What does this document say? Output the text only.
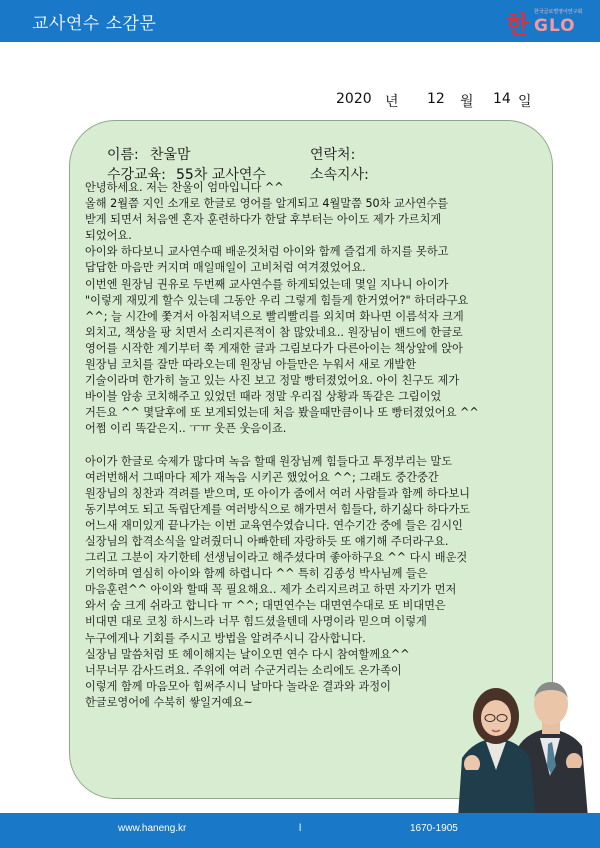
교사연수 소감문	한 한국글로벌영어연구회
GLO
2020 년 12 월 14 일
이름: 찬울맘	연락처:
수강교육: 55차 교사연수	소속지사:
안녕하세요. 저는 찬울이 엄마입니다 ^^
올해 2월쯤 지인 소개로 한글로 영어를 알게되고 4월말쯤 50차 교사연수를
받게 되면서 처음엔 혼자 훈련하다가 한달 후부터는 아이도 제가 가르치게
되었어요.
아이와 하다보니 교사연수때 배운것처럼 아이와 함께 즐겁게 하지를 못하고
답답한 마음만 커지며 매일매일이 고비처럼 여겨졌었어요.
이번엔 원장님 권유로 두번째 교사연수를 하게되었는데 몇일 지나니 아이가
"이렇게 재밌게 할수 있는데 그동안 우리 그렇게 힘들게 한거였어?" 하더라구요
^^; 늘 시간에 쫓겨서 아침저녁으로 빨리빨리를 외치며 화나면 이름석자 크게
외치고, 책상을 팡 치면서 소리지른적이 참 많았네요.. 원장님이 밴드에 한글로
영어를 시작한 계기부터 쭉 게재한 글과 그림보다가 다른아이는 책상앞에 앉아
원장님 코치를 잘만 따라오는데 원장님 아들만은 누워서 새로 개발한
기술이라며 한가히 놀고 있는 사진 보고 정말 빵터졌었어요. 아이 친구도 제가
바이블 암송 코치해주고 있었던 때라 정말 우리집 상황과 똑같은 그림이었
거든요 ^^ 몇달후에 또 보게되었는데 처음 봤을때만큼이나 또 빵터졌었어요 ^^
어쩜 이리 똑같은지.. ㅜㅠ 웃픈 웃음이죠.
아이가 한글로 숙제가 많다며 녹음 할때 원장님께 힘들다고 투정부리는 말도
여러번해서 그때마다 제가 재녹음 시키곤 했었어요 ^^; 그래도 중간중간
원장님의 칭찬과 격려를 받으며, 또 아이가 줌에서 여러 사람들과 함께 하다보니
동기부여도 되고 독립단계를 여러방식으로 해가면서 힘들다, 하기싫다 하다가도
어느새 재미있게 끝나가는 이번 교육연수였습니다. 연수기간 중에 들은 김시인
실장님의 합격소식을 알려줬더니 아빠한테 자랑하듯 또 얘기해 주더라구요.
그리고 그분이 자기한테 선생님이라고 해주셨다며 좋아하구요 ^^ 다시 배운것
기억하며 열심히 아이와 함께 하렵니다 ^^ 특히 김종성 박사님께 들은
마음훈련^^ 아이와 할때 꼭 필요해요.. 제가 소리지르려고 하면 자기가 먼저
와서 숨 크게 쉬라고 합니다 ㅠ ^^; 대면연수는 대면연수대로 또 비대면은
비대면 대로 코칭 하시느라 너무 힘드셨을텐데 사명이라 믿으며 이렇게
누구에게나 기회를 주시고 방법을 알려주시니 감사합니다.
실장님 말씀처럼 또 헤이해지는 날이오면 연수 다시 참여할께요^^
너무너무 감사드려요. 주위에 여러 수군거리는 소리에도 온가족이
이렇게 함께 마음모아 힘써주시니 날마다 놀라운 결과와 과정이
한글로영어에 수북히 쌓일거예요~
www.haneng.kr	l	1670-1905
